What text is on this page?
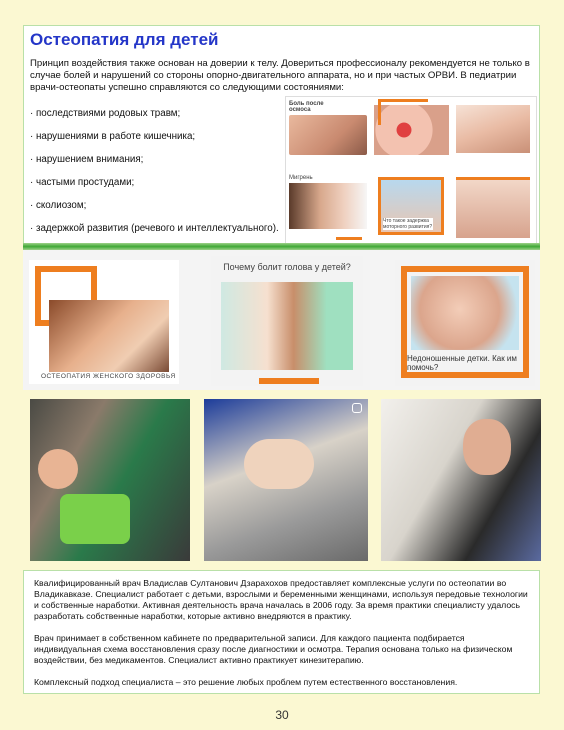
Остеопатия для детей
Принцип воздействия также основан на доверии к телу. Довериться профессионалу рекомендуется не только в случае болей и нарушений со стороны опорно-двигательного аппарата, но и при частых ОРВИ. В педиатрии врачи-остеопаты успешно справляются со следующими состояниями:
· последствиями родовых травм;
· нарушениями в работе кишечника;
· нарушением внимания;
· частыми простудами;
· сколиозом;
· задержкой развития (речевого и интеллектуального).
Боль после осмоса
Мигрень
Что такое задержка моторного развития?
ОСТЕОПАТИЯ ЖЕНСКОГО ЗДОРОВЬЯ
Почему болит голова у детей?
Недоношенные детки. Как им помочь?

Квалифицированный врач Владислав Султанович Дзарахохов предоставляет комплексные услуги по остеопатии во Владикавказе. Специалист работает с детьми, взрослыми и беременными женщинами, используя передовые технологии и собственные наработки. Активная деятельность врача началась в 2006 году. За время практики специалисту удалось разработать собственные наработки, которые активно внедряются в практику.

Врач принимает в собственном кабинете по предварительной записи. Для каждого пациента подбирается индивидуальная схема восстановления сразу после диагностики и осмотра. Терапия основана только на физическом воздействии, без медикаментов. Специалист активно практикует кинезитерапию.

Комплексный подход специалиста – это решение любых проблем путем естественного восстановления.

30
